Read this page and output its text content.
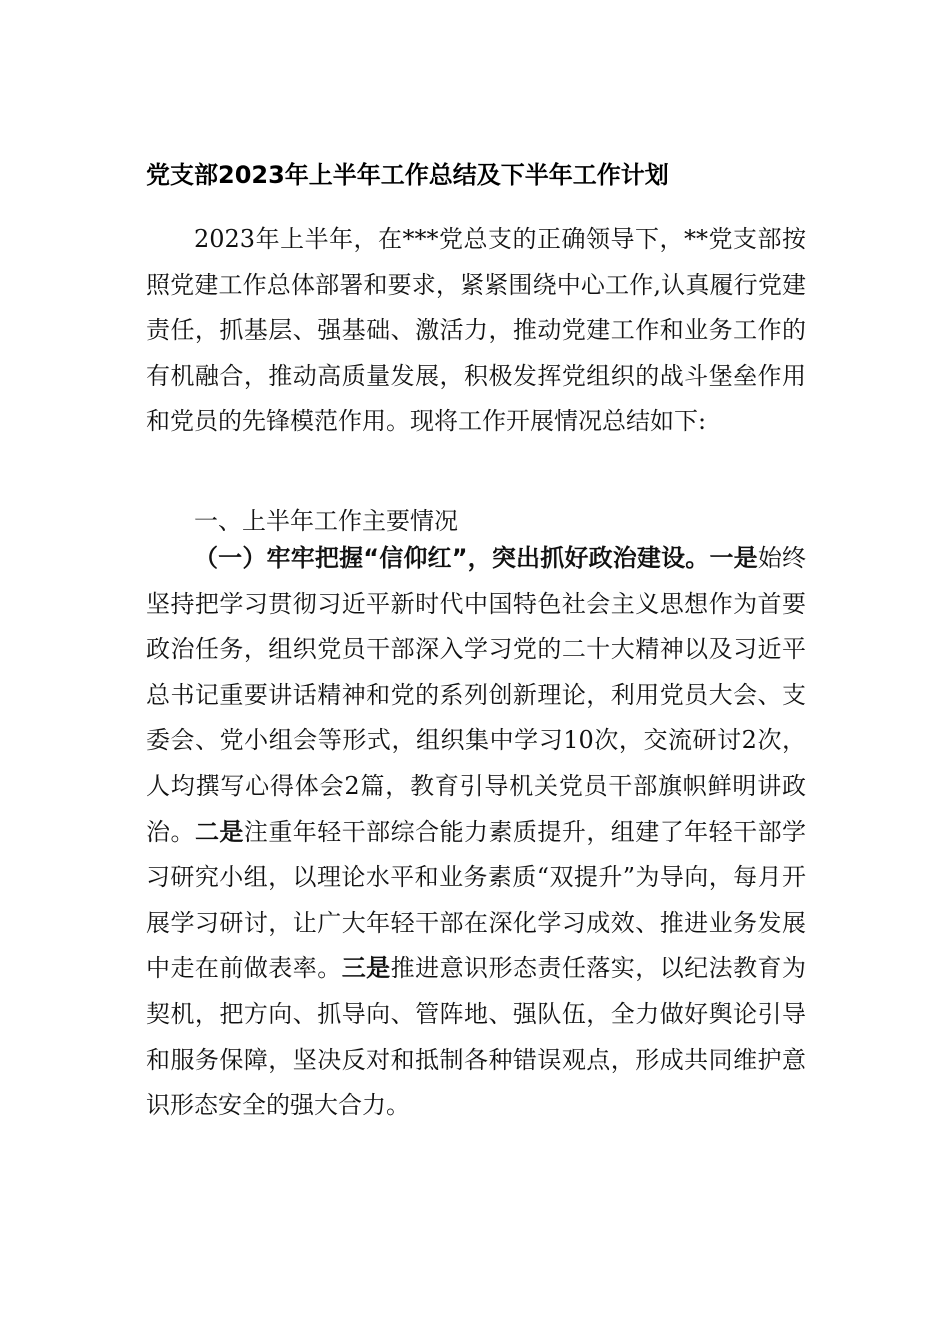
党支部2023年上半年工作总结及下半年工作计划

2023年上半年，在***党总支的正确领导下，**党支部按照党建工作总体部署和要求，紧紧围绕中心工作,认真履行党建责任，抓基层、强基础、激活力，推动党建工作和业务工作的有机融合，推动高质量发展，积极发挥党组织的战斗堡垒作用和党员的先锋模范作用。现将工作开展情况总结如下:

一、上半年工作主要情况

（一）牢牢把握“信仰红”，突出抓好政治建设。一是始终坚持把学习贯彻习近平新时代中国特色社会主义思想作为首要政治任务，组织党员干部深入学习党的二十大精神以及习近平总书记重要讲话精神和党的系列创新理论，利用党员大会、支委会、党小组会等形式，组织集中学习10次，交流研讨2次，人均撰写心得体会2篇，教育引导机关党员干部旗帜鲜明讲政治。二是注重年轻干部综合能力素质提升，组建了年轻干部学习研究小组，以理论水平和业务素质“双提升”为导向，每月开展学习研讨，让广大年轻干部在深化学习成效、推进业务发展中走在前做表率。三是推进意识形态责任落实，以纪法教育为契机，把方向、抓导向、管阵地、强队伍，全力做好舆论引导和服务保障，坚决反对和抵制各种错误观点，形成共同维护意识形态安全的强大合力。
